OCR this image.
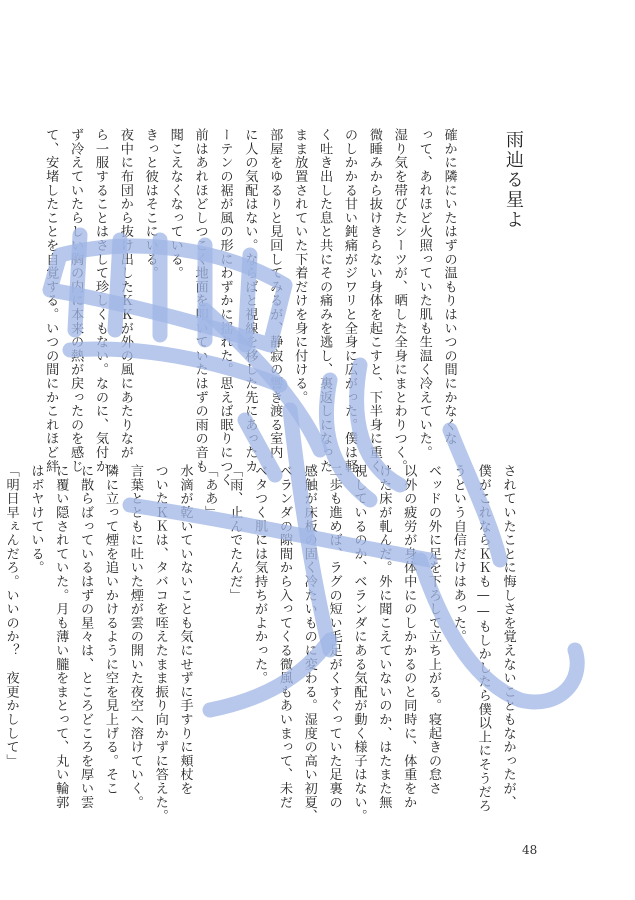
雨辿る星よ
確かに隣にいたはずの温もりはいつの間にかなくな
って、あれほど火照っていた肌も生温く冷えていた。
湿り気を帯びたシーツが、晒した全身にまとわりつく。
微睡みから抜けきらない身体を起こすと、下半身に重く
のしかかる甘い鈍痛がジワリと全身に広がった。僕は軽
く吐き出した息と共にその痛みを逃し、裏返しになった
まま放置されていた下着だけを身に付ける。
部屋をゆるりと見回してみるが、静寂の響き渡る室内
に人の気配はない。ならばと視線を移した先にあったカ
ーテンの裾が風の形にわずかに揺れた。思えば眠りにつく
前はあれほどしつこく地面を叩いていたはずの雨の音も
聞こえなくなっている。
きっと彼はそこにいる。
夜中に布団から抜け出したＫＫが外の風にあたりなが
ら一服することはさして珍しくもない。なのに、気付か
ず冷えていたらしい胸の内に本来の熱が戻ったのを感じ
て、安堵したことを自覚する。いつの間にかこれほど絆
されていたことに悔しさを覚えないこともなかったが、
僕がこれならＫＫも——もしかしたら僕以上にそうだろ
うという自信だけはあった。
ベッドの外に足を下ろして立ち上がる。寝起きの怠さ
以外の疲労が身体中にのしかかるのと同時に、体重をか
けた床が軋んだ。外に聞こえていないのか、はたまた無
視しているのか、ベランダにある気配が動く様子はない。
二歩も進めば、ラグの短い毛足がくすぐっていた足裏の
感触が床板の固く冷たいものに変わる。湿度の高い初夏、
ベランダの隙間から入ってくる微風もあいまって、未だ
ベタつく肌には気持ちがよかった。
「雨、止んでたんだ」
「ああ」
水滴が乾いていないことも気にせずに手すりに頬杖を
ついたＫＫは、タバコを咥えたまま振り向かずに答えた。
言葉とともに吐いた煙が雲の開いた夜空へ溶けていく。
隣に立って煙を追いかけるように空を見上げる。そこ
に散らばっているはずの星々は、ところどころを厚い雲
に覆い隠されていた。月も薄い朧をまとって、丸い輪郭
はボヤけている。
「明日早ぇんだろ。いいのか？　夜更かしして」
48
